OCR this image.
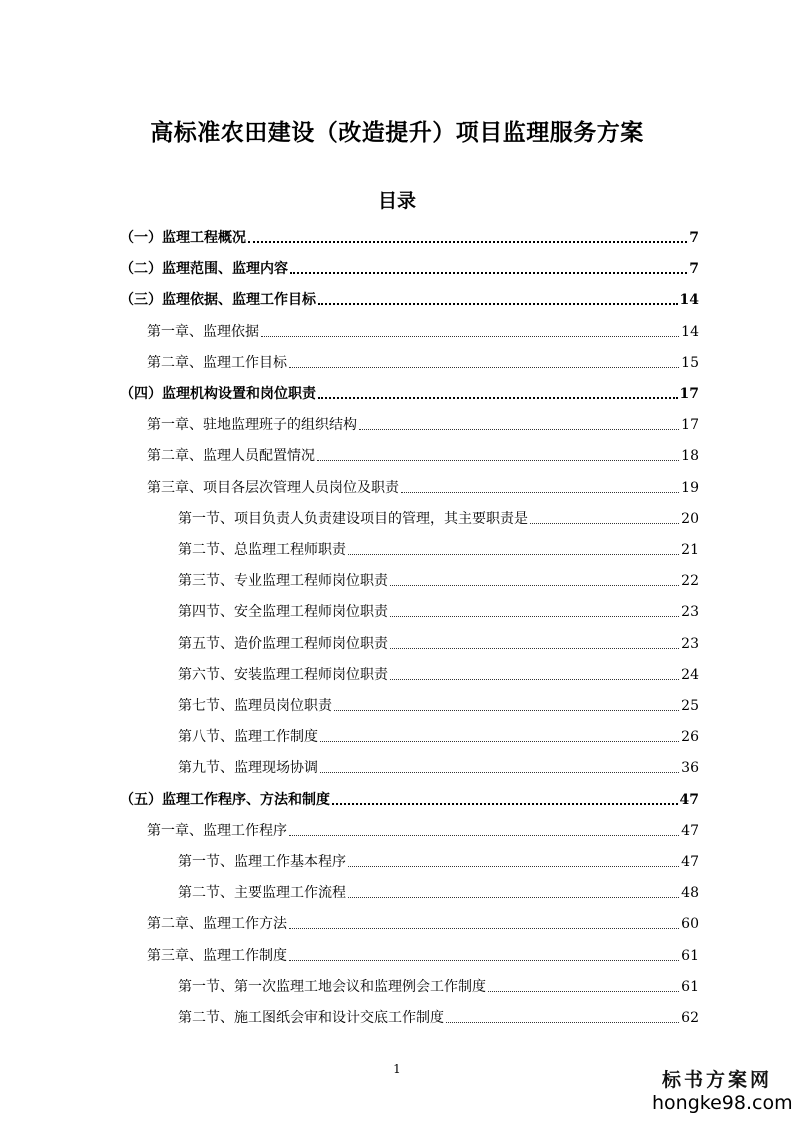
高标准农田建设（改造提升）项目监理服务方案
目录
（一）监理工程概况	7
（二）监理范围、监理内容	7
（三）监理依据、监理工作目标	14
第一章、监理依据	14
第二章、监理工作目标	15
（四）监理机构设置和岗位职责	17
第一章、驻地监理班子的组织结构	17
第二章、监理人员配置情况	18
第三章、项目各层次管理人员岗位及职责	19
第一节、项目负责人负责建设项目的管理，其主要职责是	20
第二节、总监理工程师职责	21
第三节、专业监理工程师岗位职责	22
第四节、安全监理工程师岗位职责	23
第五节、造价监理工程师岗位职责	23
第六节、安装监理工程师岗位职责	24
第七节、监理员岗位职责	25
第八节、监理工作制度	26
第九节、监理现场协调	36
（五）监理工作程序、方法和制度	47
第一章、监理工作程序	47
第一节、监理工作基本程序	47
第二节、主要监理工作流程	48
第二章、监理工作方法	60
第三章、监理工作制度	61
第一节、第一次监理工地会议和监理例会工作制度	61
第二节、施工图纸会审和设计交底工作制度	62
1	标书方案网
hongke98.com
